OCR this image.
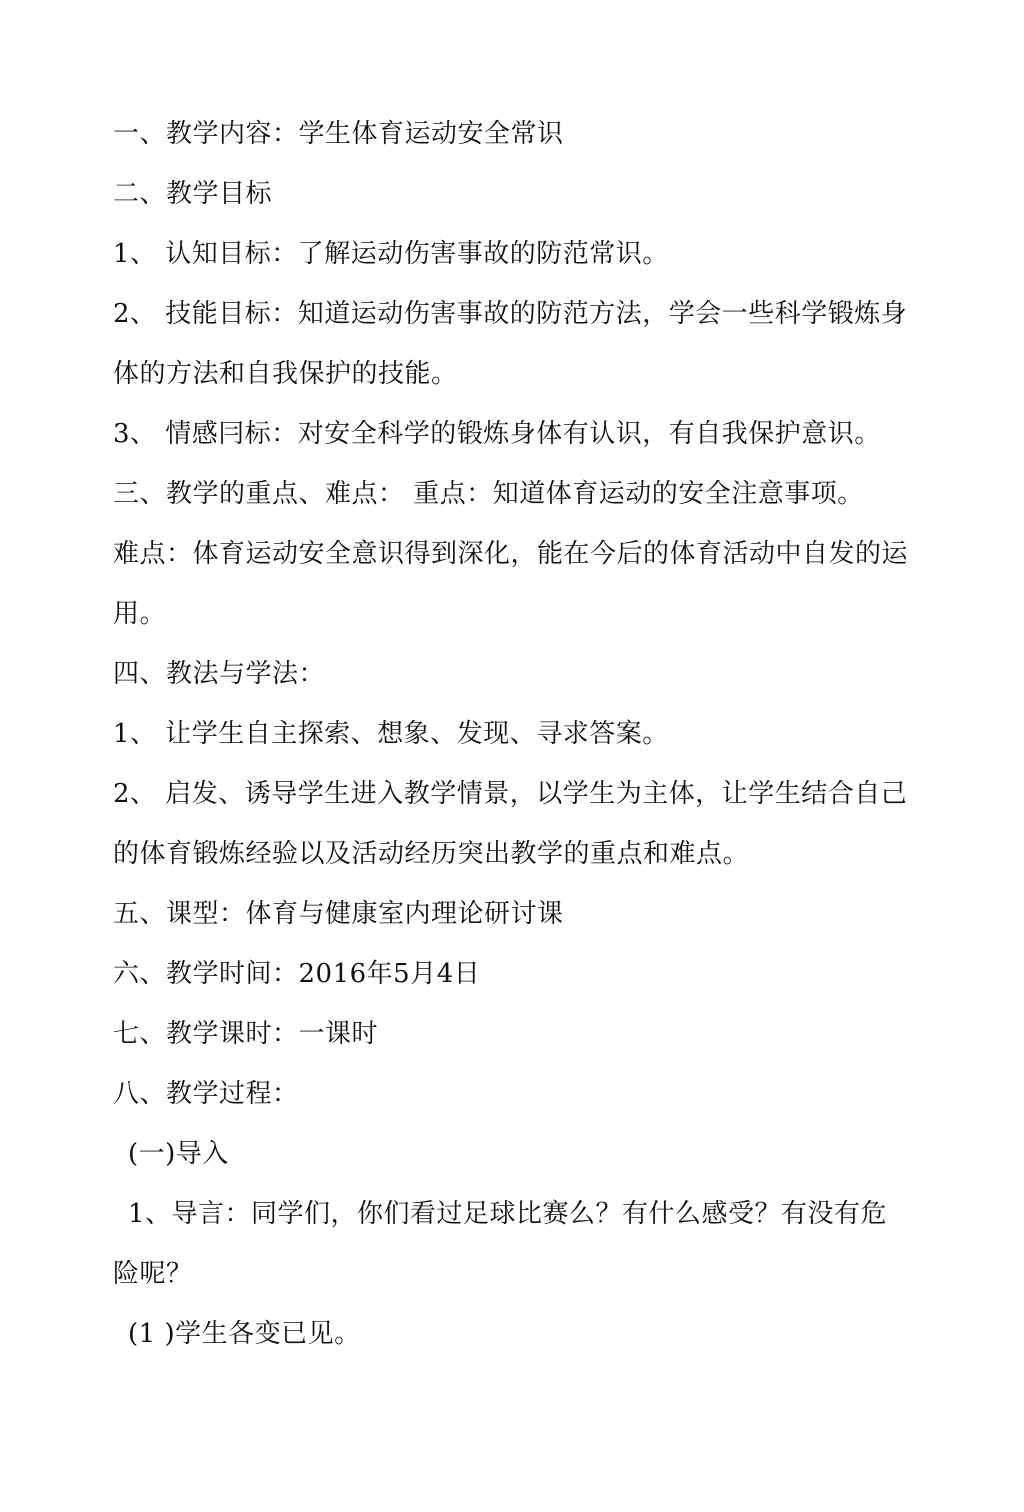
一、教学内容：学生体育运动安全常识
二、教学目标
1、 认知目标：了解运动伤害事故的防范常识。
2、 技能目标：知道运动伤害事故的防范方法，学会一些科学锻炼身
体的方法和自我保护的技能。
3、 情感冃标：对安全科学的锻炼身体有认识，有自我保护意识。
三、教学的重点、难点： 重点：知道体育运动的安全注意事项。
难点：体育运动安全意识得到深化，能在今后的体育活动中自发的运
用。
四、教法与学法：
1、 让学生自主探索、想象、发现、寻求答案。
2、 启发、诱导学生进入教学情景，以学生为主体，让学生结合自己
的体育锻炼经验以及活动经历突出教学的重点和难点。
五、课型：体育与健康室内理论研讨课
六、教学时间：2016年5月4日
七、教学课时：一课时
八、教学过程：
(一)导入
1、导言：同学们，你们看过足球比赛么？有什么感受？有没有危
险呢？
(1 )学生各变已见。
